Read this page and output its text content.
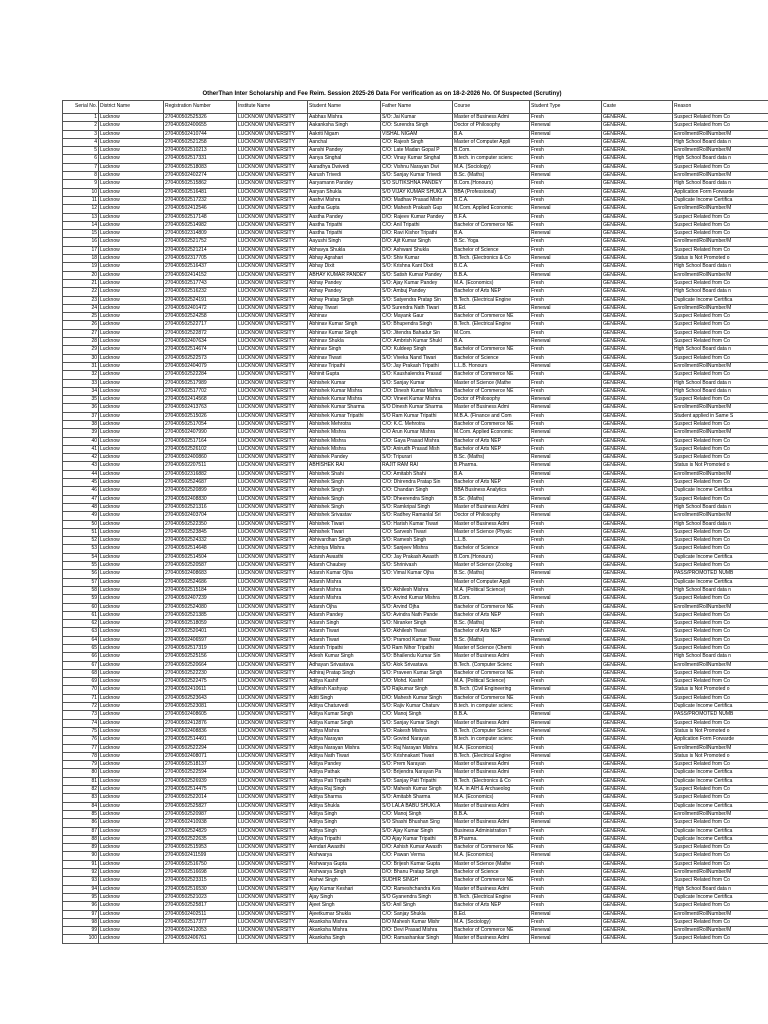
OtherThan Inter Scholarship and Fee Reim. Session 2025-26 Data For verification as on 18-2-2026 No. Of Suspected (Scrutiny)
Serial No.	District Name	Registration Number	Institute Name	Student Name	Father Name	Course	Student Type	Caste	Reason
1	Lucknow	270400502525326	LUCKNOW UNIVERSITY	Aabhas Mishra	S/O: Jai Kumar	Master of Business Admi	Fresh	GENERAL	Suspect Related from Co
2	Lucknow	270400502400655	LUCKNOW UNIVERSITY	Aakanksha Singh	C/O: Surendra Singh	Doctor of Philosophy	Renewal	GENERAL	Suspect Related from Co
3	Lucknow	270400502410744	LUCKNOW UNIVERSITY	Aakriti Nigam	VISHAL NIGAM	B.A.	Renewal	GENERAL	Enrollment/RollNumber/M
4	Lucknow	270400502521258	LUCKNOW UNIVERSITY	Aanchal	C/O: Rajesh Singh	Master of Computer Appli	Fresh	GENERAL	High School Board data n
5	Lucknow	270400502510213	LUCKNOW UNIVERSITY	Aanshi Pandey	C/O: Late Madan Gopal P	B.Com.	Fresh	GENERAL	Enrollment/RollNumber/M
6	Lucknow	270400502517331	LUCKNOW UNIVERSITY	Aanya Singhal	C/O: Vinay Kumar Singhal	B.tech. in computer scienc	Fresh	GENERAL	High School Board data n
7	Lucknow	270400502518083	LUCKNOW UNIVERSITY	Aaradhya Dwivedi	C/O: Vishnu Narayan Dwi	M.A. (Sociology)	Fresh	GENERAL	Suspect Related from Co
8	Lucknow	270400502402274	LUCKNOW UNIVERSITY	Aarush Trivedi	S/O: Sanjay Kumar Trivedi	B.Sc. (Maths)	Renewal	GENERAL	Enrollment/RollNumber/M
9	Lucknow	270400502515862	LUCKNOW UNIVERSITY	Aaryamann Pandey	S/O SUTIKSHNA PANDEY	B.Com.(Honours)	Fresh	GENERAL	High School Board data n
10	Lucknow	270400502516481	LUCKNOW UNIVERSITY	Aaryan Shukla	S/O VIJAY KUMAR SHUKLA	BBA (Professional)	Fresh	GENERAL	Application Form Forwarde
11	Lucknow	270400502517232	LUCKNOW UNIVERSITY	Aashvi Mishra	D/O: Madhav Prasad Mishr	B.C.A.	Fresh	GENERAL	Duplicate Income Certifica
12	Lucknow	270400502412546	LUCKNOW UNIVERSITY	Aastha Gupta	D/O: Mahesh Prakash Gup	M.Com. Applied Economic	Renewal	GENERAL	Enrollment/RollNumber/M
13	Lucknow	270400502517148	LUCKNOW UNIVERSITY	Aastha Pandey	D/O: Rajeev Kumar Pandey	B.F.A.	Fresh	GENERAL	Suspect Related from Co
14	Lucknow	270400502514982	LUCKNOW UNIVERSITY	Aastha Tripathi	C/O: Anil Tripathi	Bachelor of Commerce NE	Fresh	GENERAL	Suspect Related from Co
15	Lucknow	270400502314809	LUCKNOW UNIVERSITY	Aastha Tripathi	D/O: Ravi Kishor Tripathi	B.A.	Renewal	GENERAL	Suspect Related from Co
16	Lucknow	270400502521752	LUCKNOW UNIVERSITY	Aayushi Singh	D/O: Ajit Kumar Singh	B.Sc. Yoga	Fresh	GENERAL	Enrollment/RollNumber/M
17	Lucknow	270400502521214	LUCKNOW UNIVERSITY	Abhavya Shukla	D/O: Ashwani Shukla	Bachelor of Science	Fresh	GENERAL	Suspect Related from Co
18	Lucknow	270400502317705	LUCKNOW UNIVERSITY	Abhay Agrahari	S/O: Shiv Kumar	B.Tech. (Electronics & Co	Renewal	GENERAL	Status is Not Promoted o
19	Lucknow	270400502516437	LUCKNOW UNIVERSITY	Abhay Dixit	S/O: Krishna Kant Dixit	B.C.A.	Fresh	GENERAL	High School Board data n
20	Lucknow	270400502414152	LUCKNOW UNIVERSITY	ABHAY KUMAR PANDEY	S/O: Satish Kumar Pandey	B.B.A.	Renewal	GENERAL	Enrollment/RollNumber/M
21	Lucknow	270400502517743	LUCKNOW UNIVERSITY	Abhay Pandey	S/O: Ajay Kumar Pandey	M.A. (Economics)	Fresh	GENERAL	Suspect Related from Co
22	Lucknow	270400502516232	LUCKNOW UNIVERSITY	Abhay Pandey	S/O: Ambuj Pandey	Bachelor of Arts NEP	Fresh	GENERAL	High School Board data n
23	Lucknow	270400502524191	LUCKNOW UNIVERSITY	Abhay Pratap Singh	S/O: Satyendra Pratap Sin	B.Tech. (Electrical Engine	Fresh	GENERAL	Duplicate Income Certifica
24	Lucknow	270400502401472	LUCKNOW UNIVERSITY	Abhay Tiwari	S/O Surendra Nath Tiwari	B.Ed.	Renewal	GENERAL	Enrollment/RollNumber/M
25	Lucknow	270400502524258	LUCKNOW UNIVERSITY	Abhinav	C/O: Mayank Gaur	Bachelor of Commerce NE	Fresh	GENERAL	Suspect Related from Co
26	Lucknow	270400502522717	LUCKNOW UNIVERSITY	Abhinav Kumar Singh	S/O: Bhupendra Singh	B.Tech. (Electrical Engine	Fresh	GENERAL	Suspect Related from Co
27	Lucknow	270400502522872	LUCKNOW UNIVERSITY	Abhinav Kumar Singh	S/O: Jitendra Bahadur Sin	M.Com.	Fresh	GENERAL	Suspect Related from Co
28	Lucknow	270400502407634	LUCKNOW UNIVERSITY	Abhinav Shukla	C/O: Ambrish Kumar Shukl	B.A.	Renewal	GENERAL	Suspect Related from Co
29	Lucknow	270400502514674	LUCKNOW UNIVERSITY	Abhinav Singh	C/O: Kuldeep Singh	Bachelor of Commerce NE	Fresh	GENERAL	High School Board data n
30	Lucknow	270400502522573	LUCKNOW UNIVERSITY	Abhinav Tiwari	S/O: Viveka Nand Tiwari	Bachelor of Science	Fresh	GENERAL	Suspect Related from Co
31	Lucknow	270400502404079	LUCKNOW UNIVERSITY	Abhinav Tripathi	S/O: Jay Prakash Tripathi	L.L.B. Honours	Renewal	GENERAL	Enrollment/RollNumber/M
32	Lucknow	270400502522284	LUCKNOW UNIVERSITY	Abhinit Gupta	S/O: Kaushalendra Prasad	Bachelor of Commerce NE	Fresh	GENERAL	Suspect Related from Co
33	Lucknow	270400502517989	LUCKNOW UNIVERSITY	Abhishek Kumar	S/O: Sanjay Kumar	Master of Science (Mathe	Fresh	GENERAL	High School Board data n
34	Lucknow	270400502517702	LUCKNOW UNIVERSITY	Abhishek Kumar Mishra	C/O: Dinesh Kumar Mishra	Bachelor of Commerce NE	Fresh	GENERAL	High School Board data n
35	Lucknow	270400502414568	LUCKNOW UNIVERSITY	Abhishek Kumar Mishra	C/O: Vineet Kumar Mishra	Doctor of Philosophy	Renewal	GENERAL	Suspect Related from Co
36	Lucknow	270400502413763	LUCKNOW UNIVERSITY	Abhishek Kumar Sharma	S/O Dinesh Kumar Sharma	Master of Business Admi	Renewal	GENERAL	Enrollment/RollNumber/M
37	Lucknow	270400502515026	LUCKNOW UNIVERSITY	Abhishek Kumar Tripathi	S/O Ram Kumar Tripathi	M.B.A. (Finance and Com	Fresh	GENERAL	Student applied in Same S
38	Lucknow	270400502517054	LUCKNOW UNIVERSITY	Abhishek Mehrotra	C/O: K.C. Mehrotra	Bachelor of Commerce NE	Fresh	GENERAL	Suspect Related from Co
39	Lucknow	270400502407990	LUCKNOW UNIVERSITY	Abhishek Mishra	C/O Arun Kumar Mishra	M.Com. Applied Economic	Renewal	GENERAL	Enrollment/RollNumber/M
40	Lucknow	270400502517164	LUCKNOW UNIVERSITY	Abhishek Mishra	C/O: Gaya Prasad Mishra	Bachelor of Arts NEP	Fresh	GENERAL	Suspect Related from Co
41	Lucknow	270400502526102	LUCKNOW UNIVERSITY	Abhishek Mishra	S/O: Anirudh Prasad Mish	Bachelor of Arts NEP	Fresh	GENERAL	Suspect Related from Co
42	Lucknow	270400502400860	LUCKNOW UNIVERSITY	Abhishek Pandey	S/O: Tripurari	B.Sc. (Maths)	Renewal	GENERAL	Suspect Related from Co
43	Lucknow	270400502207511	LUCKNOW UNIVERSITY	ABHISHEK RAI	RAJIT RAM RAI	B.Pharma.	Renewal	GENERAL	Status is Not Promoted o
44	Lucknow	270400502316882	LUCKNOW UNIVERSITY	Abhishek Shahi	C/O: Amitabh Shahi	B.A.	Renewal	GENERAL	Enrollment/RollNumber/M
45	Lucknow	270400502524687	LUCKNOW UNIVERSITY	Abhishek Singh	C/O: Dhirendra Pratap Sin	Bachelor of Arts NEP	Fresh	GENERAL	Suspect Related from Co
46	Lucknow	270400502520899	LUCKNOW UNIVERSITY	Abhishek Singh	C/O: Chandan Singh	BBA Business Analytics	Fresh	GENERAL	Duplicate Income Certifica
47	Lucknow	270400502408830	LUCKNOW UNIVERSITY	Abhishek Singh	S/O: Dheerendra Singh	B.Sc. (Maths)	Renewal	GENERAL	Suspect Related from Co
48	Lucknow	270400502521316	LUCKNOW UNIVERSITY	Abhishek Singh	S/O: Ramkripal Singh	Master of Business Admi	Fresh	GENERAL	High School Board data n
49	Lucknow	270400502403704	LUCKNOW UNIVERSITY	Abhishek Srivastav	S/O: Radhey Ramanlal Sri	Doctor of Philosophy	Renewal	GENERAL	Enrollment/RollNumber/M
50	Lucknow	270400502522350	LUCKNOW UNIVERSITY	Abhishek Tiwari	S/O: Harish Kumar Tiwari	Master of Business Admi	Fresh	GENERAL	High School Board data n
51	Lucknow	270400502523845	LUCKNOW UNIVERSITY	Abhishek Tiwari	C/O: Sarvesh Tiwari	Master of Science (Physic	Fresh	GENERAL	Suspect Related from Co
52	Lucknow	270400502524332	LUCKNOW UNIVERSITY	Abhivardhan Singh	S/O: Ramesh Singh	L.L.B.	Fresh	GENERAL	Suspect Related from Co
53	Lucknow	270400502514648	LUCKNOW UNIVERSITY	Achintya Mishra	S/O: Sanjeev Mishra	Bachelor of Science	Fresh	GENERAL	Suspect Related from Co
54	Lucknow	270400502514504	LUCKNOW UNIVERSITY	Adarsh Awasthi	C/O: Jay Prakash Awasth	B.Com.(Honours)	Fresh	GENERAL	Duplicate Income Certifica
55	Lucknow	270400502520587	LUCKNOW UNIVERSITY	Adarsh Chaubey	S/O: Shrinivash	Master of Science (Zoolog	Fresh	GENERAL	Suspect Related from Co
56	Lucknow	270400502408683	LUCKNOW UNIVERSITY	Adarsh Kumar Ojha	S/O: Vimal Kumar Ojha	B.Sc. (Maths)	Renewal	GENERAL	PASS/PROMOTED NUMB
57	Lucknow	270400502524686	LUCKNOW UNIVERSITY	Adarsh Mishra		Master of Computer Appli	Fresh	GENERAL	Duplicate Income Certifica
58	Lucknow	270400502515184	LUCKNOW UNIVERSITY	Adarsh Mishra	S/O: Akhilesh Mishra	M.A. (Political Science)	Fresh	GENERAL	High School Board data n
59	Lucknow	270400502407239	LUCKNOW UNIVERSITY	Adarsh Mishra	S/O: Arvind Kumar Mishra	B.Com.	Renewal	GENERAL	Suspect Related from Co
60	Lucknow	270400502524080	LUCKNOW UNIVERSITY	Adarsh Ojha	S/O: Arvind Ojha	Bachelor of Commerce NE	Fresh	GENERAL	Enrollment/RollNumber/M
61	Lucknow	270400502521385	LUCKNOW UNIVERSITY	Adarsh Pandey	S/O: Avindra Nath Pande	Bachelor of Arts NEP	Fresh	GENERAL	Suspect Related from Co
62	Lucknow	270400502518059	LUCKNOW UNIVERSITY	Adarsh Singh	S/O: Niranker Singh	B.Sc. (Maths)	Fresh	GENERAL	Suspect Related from Co
63	Lucknow	270400502520401	LUCKNOW UNIVERSITY	Adarsh Tiwari	S/O: Akhilesh Tiwari	Bachelor of Arts NEP	Fresh	GENERAL	Suspect Related from Co
64	Lucknow	270400502406597	LUCKNOW UNIVERSITY	Adarsh Tiwari	S/O: Pramod Kumar Tiwar	B.Sc. (Maths)	Renewal	GENERAL	Suspect Related from Co
65	Lucknow	270400502517319	LUCKNOW UNIVERSITY	Adarsh Tripathi	S/O Ram Nihor Tripathi	Master of Science (Chemi	Fresh	GENERAL	Suspect Related from Co
66	Lucknow	270400502525156	LUCKNOW UNIVERSITY	Adesh Kumar Singh	S/O: Bhailendu Kumar Sin	Master of Business Admi	Fresh	GENERAL	High School Board data n
67	Lucknow	270400502520664	LUCKNOW UNIVERSITY	Adhayan Srivastava	S/O: Alok Srivastava	B.Tech. (Computer Scienc	Fresh	GENERAL	Enrollment/RollNumber/M
68	Lucknow	270400502522230	LUCKNOW UNIVERSITY	Adhiraj Pratap Singh	S/O: Praveen Kumar Singh	Bachelor of Commerce NE	Fresh	GENERAL	Suspect Related from Co
69	Lucknow	270400502522475	LUCKNOW UNIVERSITY	Aditya Kashif	C/O: Mohd. Kashif	M.A. (Political Science)	Fresh	GENERAL	Suspect Related from Co
70	Lucknow	270400502410611	LUCKNOW UNIVERSITY	Adiltesh Kashyap	S/O Rajkumar Singh	B.Tech. (Civil Engineering	Renewal	GENERAL	Status is Not Promoted o
71	Lucknow	270400502523643	LUCKNOW UNIVERSITY	Aditi Singh	D/O: Mahesh Kumar Singh	Bachelor of Commerce NE	Fresh	GENERAL	Suspect Related from Co
72	Lucknow	270400502523081	LUCKNOW UNIVERSITY	Aditya Chaturvedi	S/O: Rajiv Kumar Chaturv	B.tech. in computer scienc	Fresh	GENERAL	Duplicate Income Certifica
73	Lucknow	270400502408605	LUCKNOW UNIVERSITY	Aditya Kumar Singh	C/O: Manoj Singh	B.B.A.	Renewal	GENERAL	PASS/PROMOTED NUMB
74	Lucknow	270400502412876	LUCKNOW UNIVERSITY	Aditya Kumar Singh	S/O: Sanjay Kumar Singh	Master of Business Admi	Renewal	GENERAL	Suspect Related from Co
75	Lucknow	270400502408836	LUCKNOW UNIVERSITY	Aditya Mishra	S/O: Rakesh Mishra	B.Tech. (Computer Scienc	Renewal	GENERAL	Status is Not Promoted o
76	Lucknow	270400502514491	LUCKNOW UNIVERSITY	Aditya Narayan	S/O: Govind Narayan	B.tech. in computer scienc	Fresh	GENERAL	Application Form Forwarde
77	Lucknow	270400502522294	LUCKNOW UNIVERSITY	Aditya Narayan Mishra	S/O: Raj Narayan Mishra	M.A. (Economics)	Fresh	GENERAL	Enrollment/RollNumber/M
78	Lucknow	270400502408071	LUCKNOW UNIVERSITY	Aditya Nath Tiwari	S/O: Krishnakant Tiwari	B.Tech. (Electrical Engine	Renewal	GENERAL	Status is Not Promoted o
79	Lucknow	270400502518137	LUCKNOW UNIVERSITY	Aditya Pandey	S/O: Prem Narayan	Master of Business Admi	Fresh	GENERAL	Suspect Related from Co
80	Lucknow	270400502522594	LUCKNOW UNIVERSITY	Aditya Pathak	S/O: Brijendra Narayan Pa	Master of Business Admi	Fresh	GENERAL	Duplicate Income Certifica
81	Lucknow	270400502526939	LUCKNOW UNIVERSITY	Aditya Pati Tripathi	S/O: Sanjay Pati Tripathi	B.Tech. (Electronics & Co	Fresh	GENERAL	Duplicate Income Certifica
82	Lucknow	270400502514475	LUCKNOW UNIVERSITY	Aditya Raj Singh	S/O: Mahesh Kumar Singh	M.A. in AIH & Archaeolog	Fresh	GENERAL	Suspect Related from Co
83	Lucknow	270400502522014	LUCKNOW UNIVERSITY	Aditya Sharma	S/O: Amitabh Sharma	M.A. (Economics)	Fresh	GENERAL	Suspect Related from Co
84	Lucknow	270400502525827	LUCKNOW UNIVERSITY	Aditya Shukla	S/O LALA BABU SHUKLA	Master of Business Admi	Fresh	GENERAL	Duplicate Income Certifica
85	Lucknow	270400502520987	LUCKNOW UNIVERSITY	Aditya Singh	C/O: Manoj Singh	B.B.A.	Fresh	GENERAL	Enrollment/RollNumber/M
86	Lucknow	270400502410938	LUCKNOW UNIVERSITY	Aditya Singh	S/O Shashi Bhushan Sing	Master of Business Admi	Renewal	GENERAL	Suspect Related from Co
87	Lucknow	270400502524829	LUCKNOW UNIVERSITY	Aditya Singh	S/O: Ajay Kumar Singh	Business Administration T	Fresh	GENERAL	Duplicate Income Certifica
88	Lucknow	270400502522635	LUCKNOW UNIVERSITY	Aditya Tripathi	C/O Ajay Kumar Tripathi	B.Pharma.	Fresh	GENERAL	Duplicate Income Certifica
89	Lucknow	270400502515953	LUCKNOW UNIVERSITY	Aendari Awasthi	D/O: Ashish Kumar Awasth	Bachelor of Commerce NE	Fresh	GENERAL	Suspect Related from Co
90	Lucknow	270400502411599	LUCKNOW UNIVERSITY	Aishwarya	C/O: Pawan Verma	M.A. (Economics)	Renewal	GENERAL	Suspect Related from Co
91	Lucknow	270400502516750	LUCKNOW UNIVERSITY	Aishwarya Gupta	C/O: Brijesh Kumar Gupta	Master of Science (Mathe	Fresh	GENERAL	Suspect Related from Co
92	Lucknow	270400502516698	LUCKNOW UNIVERSITY	Aishwarya Singh	D/O: Bhanu Pratap Singh	Bachelor of Science	Fresh	GENERAL	Enrollment/RollNumber/M
93	Lucknow	270400502523315	LUCKNOW UNIVERSITY	Aishwi Singh	SUDHIR SINGH	Bachelor of Commerce NE	Fresh	GENERAL	Suspect Related from Co
94	Lucknow	270400502516530	LUCKNOW UNIVERSITY	Ajay Kumar Keshari	C/O: Rameshchandra Kes	Master of Business Admi	Fresh	GENERAL	High School Board data n
95	Lucknow	270400502521023	LUCKNOW UNIVERSITY	Ajay Singh	S/O Gyanendra Singh	B.Tech. (Electrical Engine	Fresh	GENERAL	Duplicate Income Certifica
96	Lucknow	270400502525817	LUCKNOW UNIVERSITY	Ajeet Singh	S/O: Anil Singh	Bachelor of Arts NEP	Fresh	GENERAL	Suspect Related from Co
97	Lucknow	270400502402511	LUCKNOW UNIVERSITY	Ajeetkumar Shukla	C/O: Sanjay Shukla	B.Ed.	Renewal	GENERAL	Enrollment/RollNumber/M
98	Lucknow	270400502517377	LUCKNOW UNIVERSITY	Akanksha Mishra	D/O Mahesh Kumar Mishr	M.A. (Sociology)	Fresh	GENERAL	Suspect Related from Co
99	Lucknow	270400502412053	LUCKNOW UNIVERSITY	Akanksha Mishra	D/O: Devi Prasad Mishra	Bachelor of Commerce NE	Renewal	GENERAL	Enrollment/RollNumber/M
100	Lucknow	270400502406761	LUCKNOW UNIVERSITY	Akanksha Singh	D/O: Ramashankar Singh	Master of Business Admi	Renewal	GENERAL	Suspect Related from Co
